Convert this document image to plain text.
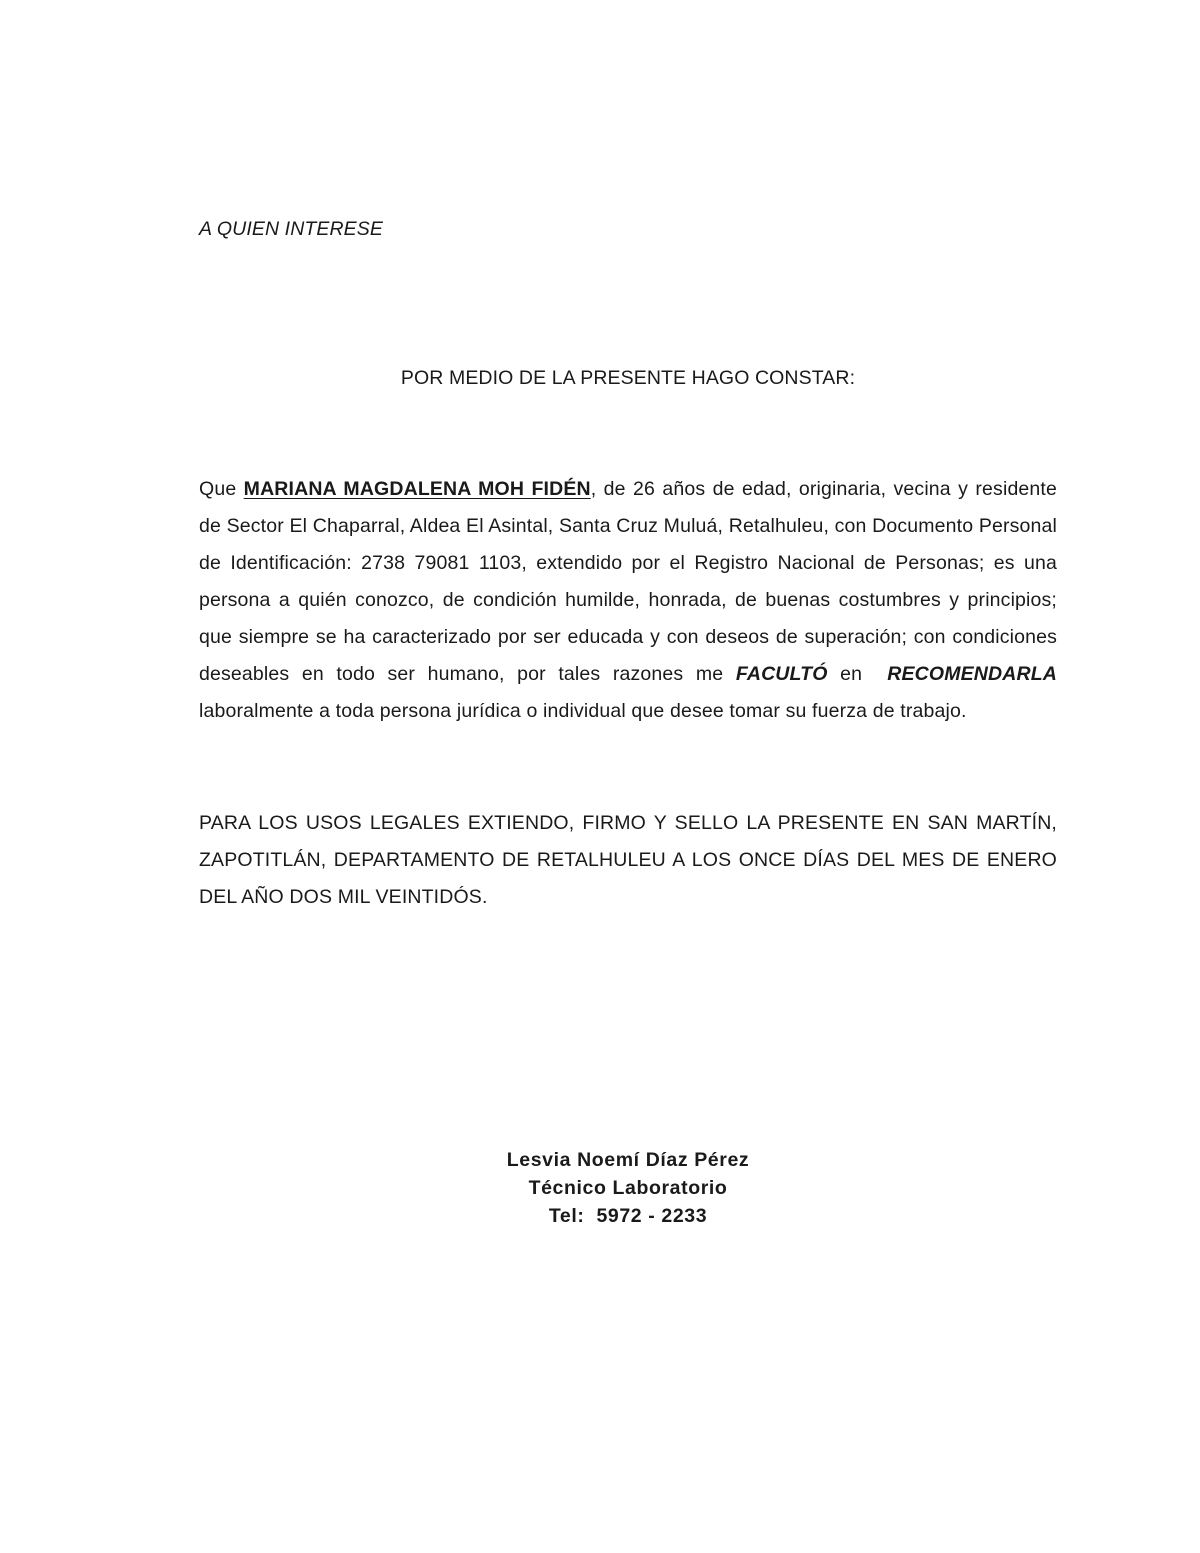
A QUIEN INTERESE
POR MEDIO DE LA PRESENTE HAGO CONSTAR:
Que MARIANA MAGDALENA MOH FIDÉN, de 26 años de edad, originaria, vecina y residente de Sector El Chaparral, Aldea El Asintal, Santa Cruz Muluá, Retalhuleu, con Documento Personal de Identificación: 2738 79081 1103, extendido por el Registro Nacional de Personas; es una persona a quién conozco, de condición humilde, honrada, de buenas costumbres y principios; que siempre se ha caracterizado por ser educada y con deseos de superación; con condiciones deseables en todo ser humano, por tales razones me FACULTÓ en  RECOMENDARLA laboralmente a toda persona jurídica o individual que desee tomar su fuerza de trabajo.
PARA LOS USOS LEGALES EXTIENDO, FIRMO Y SELLO LA PRESENTE EN SAN MARTÍN, ZAPOTITLÁN, DEPARTAMENTO DE RETALHULEU A LOS ONCE DÍAS DEL MES DE ENERO DEL AÑO DOS MIL VEINTIDÓS.
Lesvia Noemí Díaz Pérez
Técnico Laboratorio
Tel:  5972 - 2233
